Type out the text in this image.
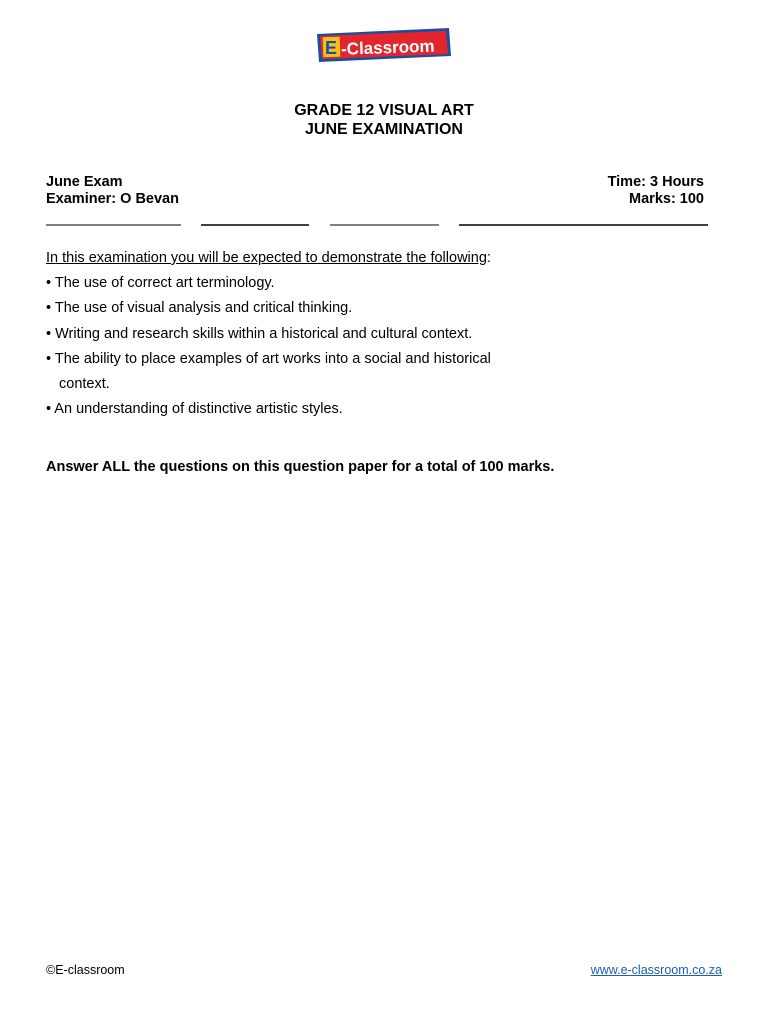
E -Classroom
GRADE 12 VISUAL ART
JUNE EXAMINATION
June Exam
Examiner: O Bevan
Time: 3 Hours
Marks: 100
In this examination you will be expected to demonstrate the following:
• The use of correct art terminology.
• The use of visual analysis and critical thinking.
• Writing and research skills within a historical and cultural context.
• The ability to place examples of art works into a social and historical
context.
• An understanding of distinctive artistic styles.
Answer ALL the questions on this question paper for a total of 100 marks.
©E-classroom	www.e-classroom.co.za
